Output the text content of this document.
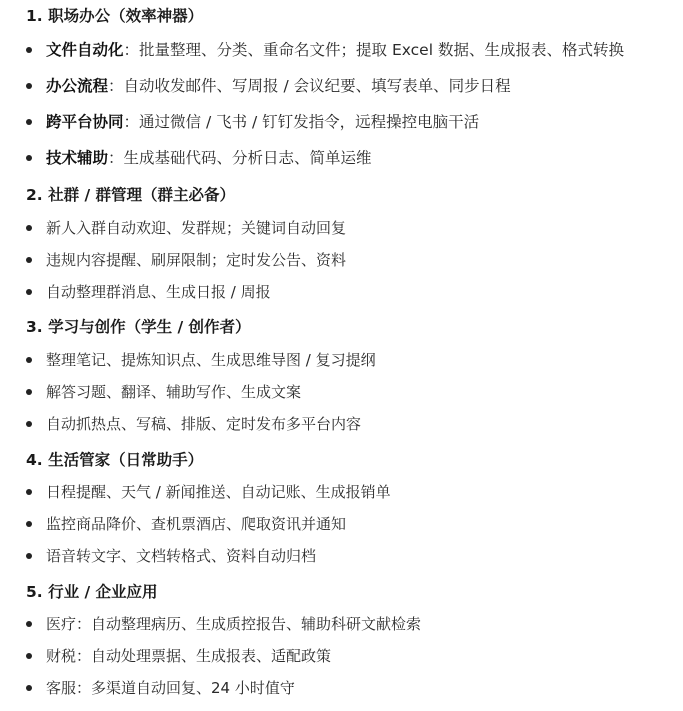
1. 职场办公（效率神器）
文件自动化：批量整理、分类、重命名文件；提取 Excel 数据、生成报表、格式转换
办公流程：自动收发邮件、写周报 / 会议纪要、填写表单、同步日程
跨平台协同：通过微信 / 飞书 / 钉钉发指令，远程操控电脑干活
技术辅助：生成基础代码、分析日志、简单运维
2. 社群 / 群管理（群主必备）
新人入群自动欢迎、发群规；关键词自动回复
违规内容提醒、刷屏限制；定时发公告、资料
自动整理群消息、生成日报 / 周报
3. 学习与创作（学生 / 创作者）
整理笔记、提炼知识点、生成思维导图 / 复习提纲
解答习题、翻译、辅助写作、生成文案
自动抓热点、写稿、排版、定时发布多平台内容
4. 生活管家（日常助手）
日程提醒、天气 / 新闻推送、自动记账、生成报销单
监控商品降价、查机票酒店、爬取资讯并通知
语音转文字、文档转格式、资料自动归档
5. 行业 / 企业应用
医疗：自动整理病历、生成质控报告、辅助科研文献检索
财税：自动处理票据、生成报表、适配政策
客服：多渠道自动回复、24 小时值守
